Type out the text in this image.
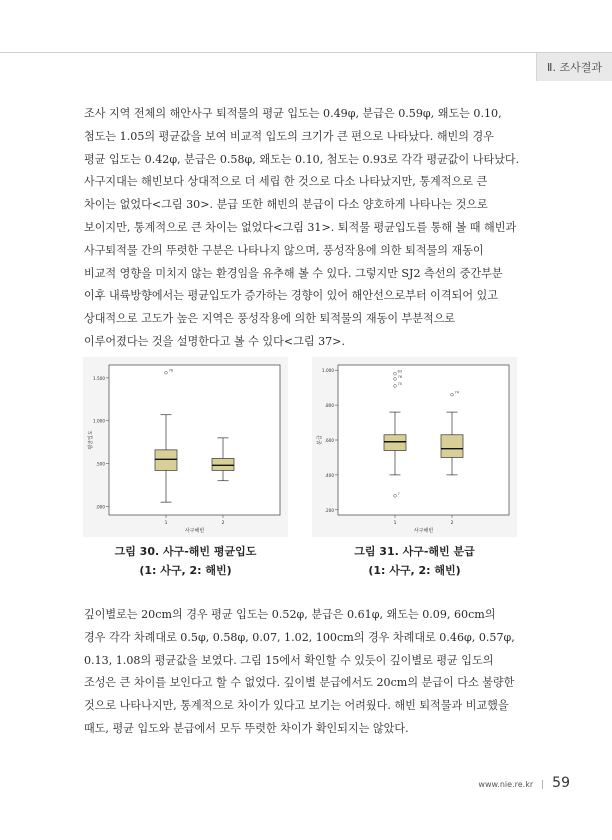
Ⅱ. 조사결과

조사 지역 전체의 해안사구 퇴적물의 평균 입도는 0.49φ, 분급은 0.59φ, 왜도는 0.10,
첨도는 1.05의 평균값을 보여 비교적 입도의 크기가 큰 편으로 나타났다. 해빈의 경우
평균 입도는 0.42φ, 분급은 0.58φ, 왜도는 0.10, 첨도는 0.93로 각각 평균값이 나타났다.
사구지대는 해빈보다 상대적으로 더 세립 한 것으로 다소 나타났지만, 통계적으로 큰
차이는 없었다<그림 30>. 분급 또한 해빈의 분급이 다소 양호하게 나타나는 것으로
보이지만, 통계적으로 큰 차이는 없었다<그림 31>. 퇴적물 평균입도를 통해 볼 때 해빈과
사구퇴적물 간의 뚜렷한 구분은 나타나지 않으며, 풍성작용에 의한 퇴적물의 재동이
비교적 영향을 미치지 않는 환경임을 유추해 볼 수 있다. 그렇지만 SJ2 측선의 중간부분
이후 내륙방향에서는 평균입도가 증가하는 경향이 있어 해안선으로부터 이격되어 있고
상대적으로 고도가 높은 지역은 풍성작용에 의한 퇴적물의 재동이 부분적으로
이루어졌다는 것을 설명한다고 볼 수 있다<그림 37>.

.000
.500
1.000
1.500
평균입도
1	2
사구해빈
76
.200
.400
.600
.800
1.000
분급
1	2
사구해빈
83
76
70
7
74
그림 30. 사구-해빈 평균입도
(1: 사구, 2: 해빈)
그림 31. 사구-해빈 분급
(1: 사구, 2: 해빈)

깊이별로는 20cm의 경우 평균 입도는 0.52φ, 분급은 0.61φ, 왜도는 0.09, 60cm의
경우 각각 차례대로 0.5φ, 0.58φ, 0.07, 1.02, 100cm의 경우 차례대로 0.46φ, 0.57φ,
0.13, 1.08의 평균값을 보였다. 그림 15에서 확인할 수 있듯이 깊이별로 평균 입도의
조성은 큰 차이를 보인다고 할 수 없었다. 깊이별 분급에서도 20cm의 분급이 다소 불량한
것으로 나타나지만, 통계적으로 차이가 있다고 보기는 어려웠다. 해빈 퇴적물과 비교했을
때도, 평균 입도와 분급에서 모두 뚜렷한 차이가 확인되지는 않았다.

www.nie.re.kr | 59
